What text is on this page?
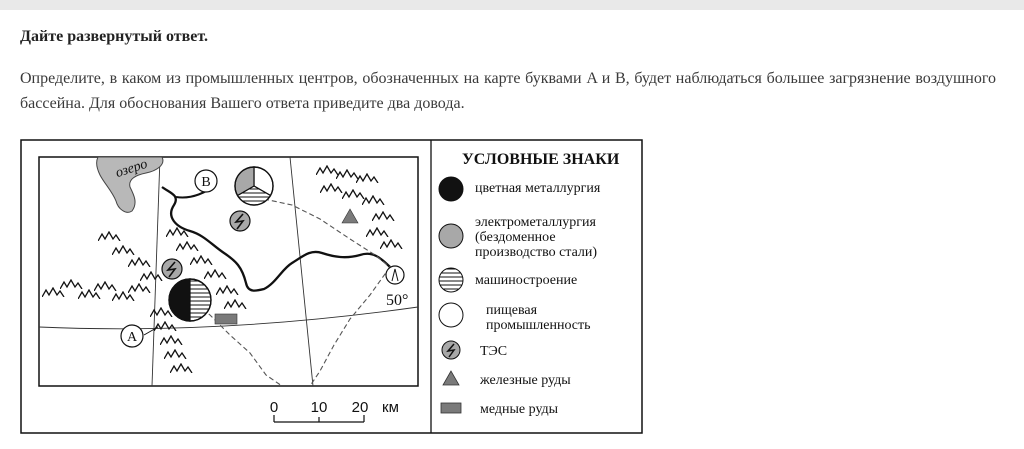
Дайте развернутый ответ.
Определите, в каком из промышленных центров, обозначенных на карте буквами A и B, будет наблюдаться большее загрязнение воздушного бассейна. Для обоснования Вашего ответа приведите два довода.
озеро
B
A
50°
0 10 20 км
УСЛОВНЫЕ ЗНАКИ
цветная металлургия
электрометаллургия
(бездоменное
производство стали)
машиностроение
пищевая
промышленность
ТЭС
железные руды
медные руды
